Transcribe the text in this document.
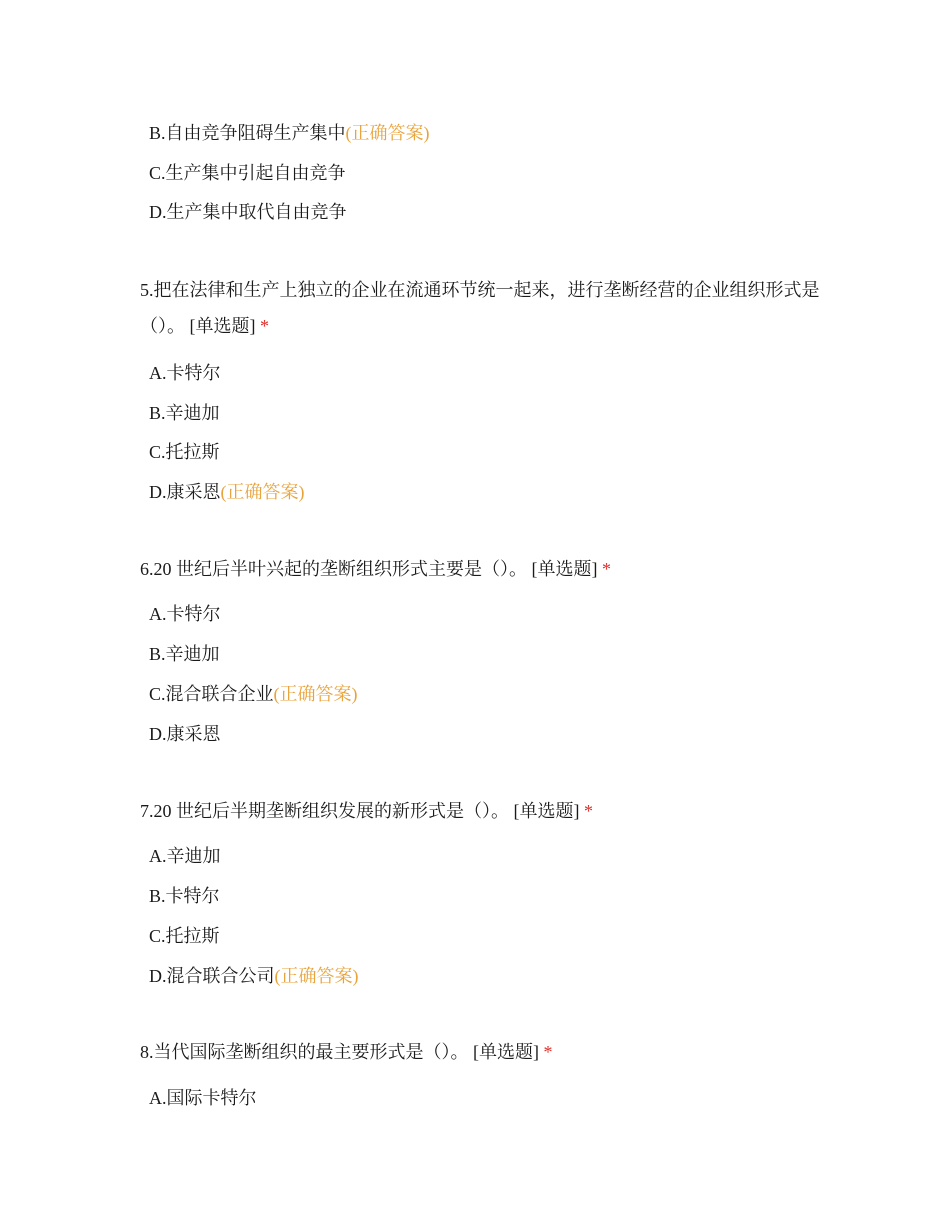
B.自由竞争阻碍生产集中(正确答案)
C.生产集中引起自由竞争
D.生产集中取代自由竞争
5.把在法律和生产上独立的企业在流通环节统一起来，进行垄断经营的企业组织形式是（）。 [单选题] *
A.卡特尔
B.辛迪加
C.托拉斯
D.康采恩(正确答案)
6.20 世纪后半叶兴起的垄断组织形式主要是（）。 [单选题] *
A.卡特尔
B.辛迪加
C.混合联合企业(正确答案)
D.康采恩
7.20 世纪后半期垄断组织发展的新形式是（）。 [单选题] *
A.辛迪加
B.卡特尔
C.托拉斯
D.混合联合公司(正确答案)
8.当代国际垄断组织的最主要形式是（）。 [单选题] *
A.国际卡特尔
